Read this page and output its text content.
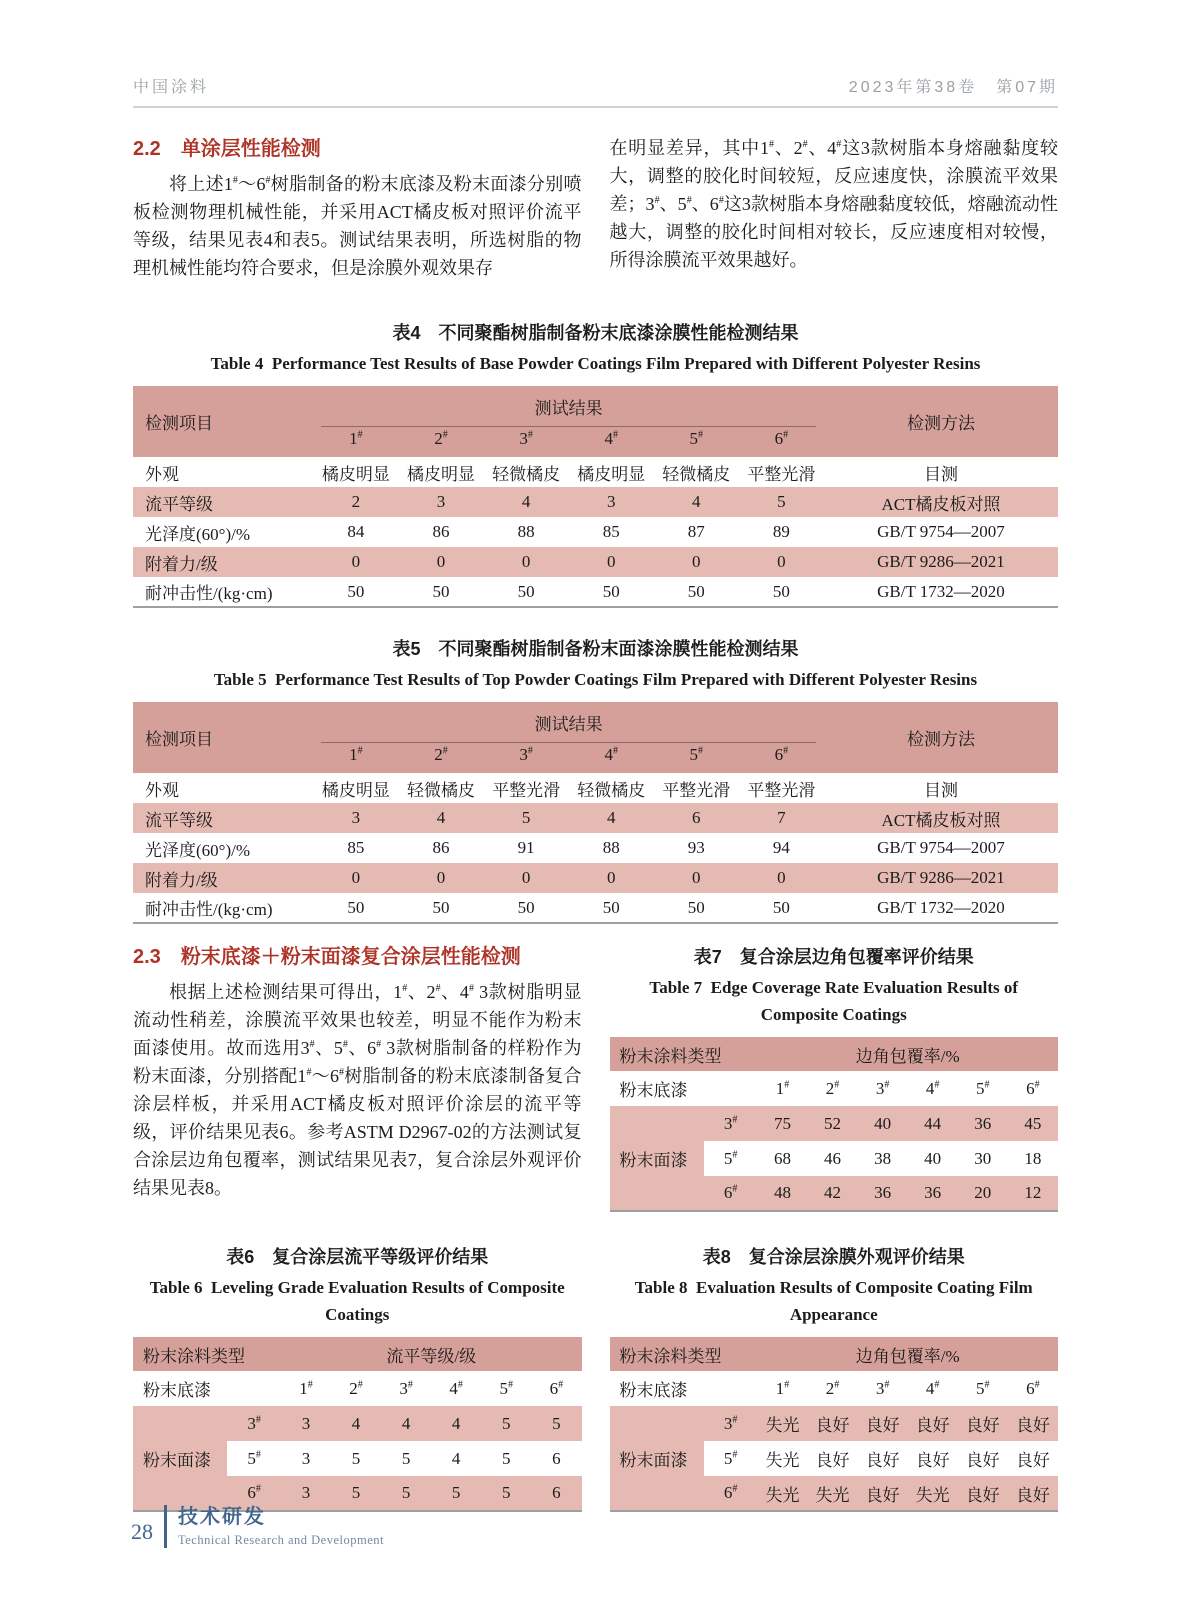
中国涂料	2023年第38卷　第07期
2.2 单涂层性能检测

将上述1#～6#树脂制备的粉末底漆及粉末面漆分别喷板检测物理机械性能，并采用ACT橘皮板对照评价流平等级，结果见表4和表5。测试结果表明，所选树脂的物理机械性能均符合要求，但是涂膜外观效果存

在明显差异，其中1#、2#、4#这3款树脂本身熔融黏度较大，调整的胶化时间较短，反应速度快，涂膜流平效果差；3#、5#、6#这3款树脂本身熔融黏度较低，熔融流动性越大，调整的胶化时间相对较长，反应速度相对较慢，所得涂膜流平效果越好。

表4　不同聚酯树脂制备粉末底漆涂膜性能检测结果
Table 4  Performance Test Results of Base Powder Coatings Film Prepared with Different Polyester Resins
检测项目	测试结果						检测方法
	1#	2#	3#	4#	5#	6#
外观	橘皮明显	橘皮明显	轻微橘皮	橘皮明显	轻微橘皮	平整光滑	目测
流平等级	2	3	4	3	4	5	ACT橘皮板对照
光泽度(60°)/%	84	86	88	85	87	89	GB/T 9754—2007
附着力/级	0	0	0	0	0	0	GB/T 9286—2021
耐冲击性/(kg·cm)	50	50	50	50	50	50	GB/T 1732—2020
表5　不同聚酯树脂制备粉末面漆涂膜性能检测结果
Table 5  Performance Test Results of Top Powder Coatings Film Prepared with Different Polyester Resins
检测项目	测试结果						检测方法
	1#	2#	3#	4#	5#	6#
外观	橘皮明显	轻微橘皮	平整光滑	轻微橘皮	平整光滑	平整光滑	目测
流平等级	3	4	5	4	6	7	ACT橘皮板对照
光泽度(60°)/%	85	86	91	88	93	94	GB/T 9754—2007
附着力/级	0	0	0	0	0	0	GB/T 9286—2021
耐冲击性/(kg·cm)	50	50	50	50	50	50	GB/T 1732—2020
2.3 粉末底漆＋粉末面漆复合涂层性能检测

根据上述检测结果可得出，1#、2#、4# 3款树脂明显流动性稍差，涂膜流平效果也较差，明显不能作为粉末面漆使用。故而选用3#、5#、6# 3款树脂制备的样粉作为粉末面漆，分别搭配1#～6#树脂制备的粉末底漆制备复合涂层样板，并采用ACT橘皮板对照评价涂层的流平等级，评价结果见表6。参考ASTM D2967-02的方法测试复合涂层边角包覆率，测试结果见表7，复合涂层外观评价结果见表8。

表7　复合涂层边角包覆率评价结果
Table 7  Edge Coverage Rate Evaluation Results of Composite Coatings
粉末涂料类型		边角包覆率/%					
粉末底漆		1#	2#	3#	4#	5#	6#
粉末面漆	3#	75	52	40	44	36	45
	5#	68	46	38	40	30	18
	6#	48	42	36	36	20	12
表6　复合涂层流平等级评价结果
Table 6  Leveling Grade Evaluation Results of Composite Coatings
粉末涂料类型		流平等级/级					
粉末底漆		1#	2#	3#	4#	5#	6#
粉末面漆	3#	3	4	4	4	5	5
	5#	3	5	5	4	5	6
	6#	3	5	5	5	5	6
表8　复合涂层涂膜外观评价结果
Table 8  Evaluation Results of Composite Coating Film Appearance
粉末涂料类型		边角包覆率/%					
粉末底漆		1#	2#	3#	4#	5#	6#
粉末面漆	3#	失光	良好	良好	良好	良好	良好
	5#	失光	良好	良好	良好	良好	良好
	6#	失光	失光	良好	失光	良好	良好
28
技术研发
Technical Research and Development
